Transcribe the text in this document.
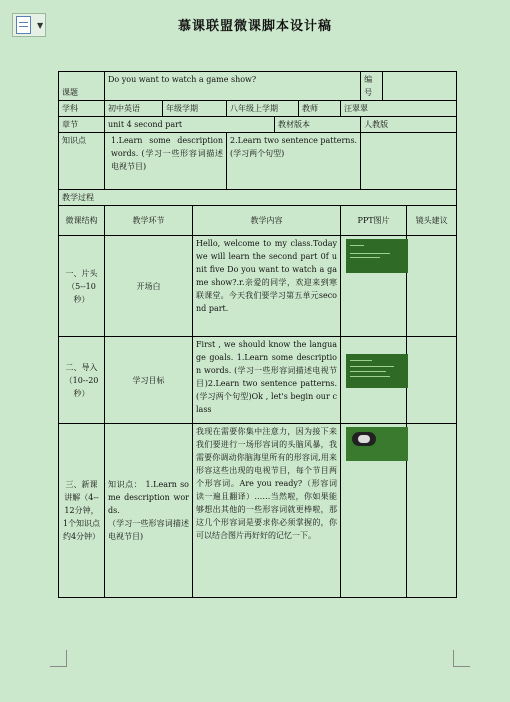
▼	慕课联盟微课脚本设计稿
课题	Do you want to watch a game show?							编号		
学科	初中英语	年级学期		八年级上学期		教师	汪翠翠			
章节	unit 4 second part				教材版本			人教版		
知识点	1.Learn some description words. (学习一些形容词描述电视节目)			2.Learn two sentence patterns.(学习两个句型)						
教学过程										
微课结构	教学环节		教学内容				PPT图片			镜头建议
一、片头（5--10秒）	开场白		Hello, welcome to my class.Today we will learn the second part 0f unit five Do you want to watch a game show?.r.亲爱的同学，欢迎来到寒联课堂。今天我们要学习第五单元second part.						

二、导入（10--20秒）	学习目标		First , we should know the language goals. 1.Learn some description words. (学习一些形容词描述电视节目)2.Learn two sentence patterns. (学习两个句型)Ok , let's begin our class						

三、新课讲解（4--12分钟，1个知识点约4分钟）	知识点： 1.Learn some description words.
（学习一些形容词描述电视节目)		我现在需要你集中注意力，因为接下来我们要进行一场形容词的头脑风暴，我需要你调动你脑海里所有的形容词,用来形容这些出现的电视节目，每个节目两个形容词。Are you ready?（形容词读一遍且翻译）……当然啦，你如果能够想出其他的一些形容词就更棒啦，那这几个形容词是要求你必须掌握的，你可以结合图片再好好的记忆一下。						
